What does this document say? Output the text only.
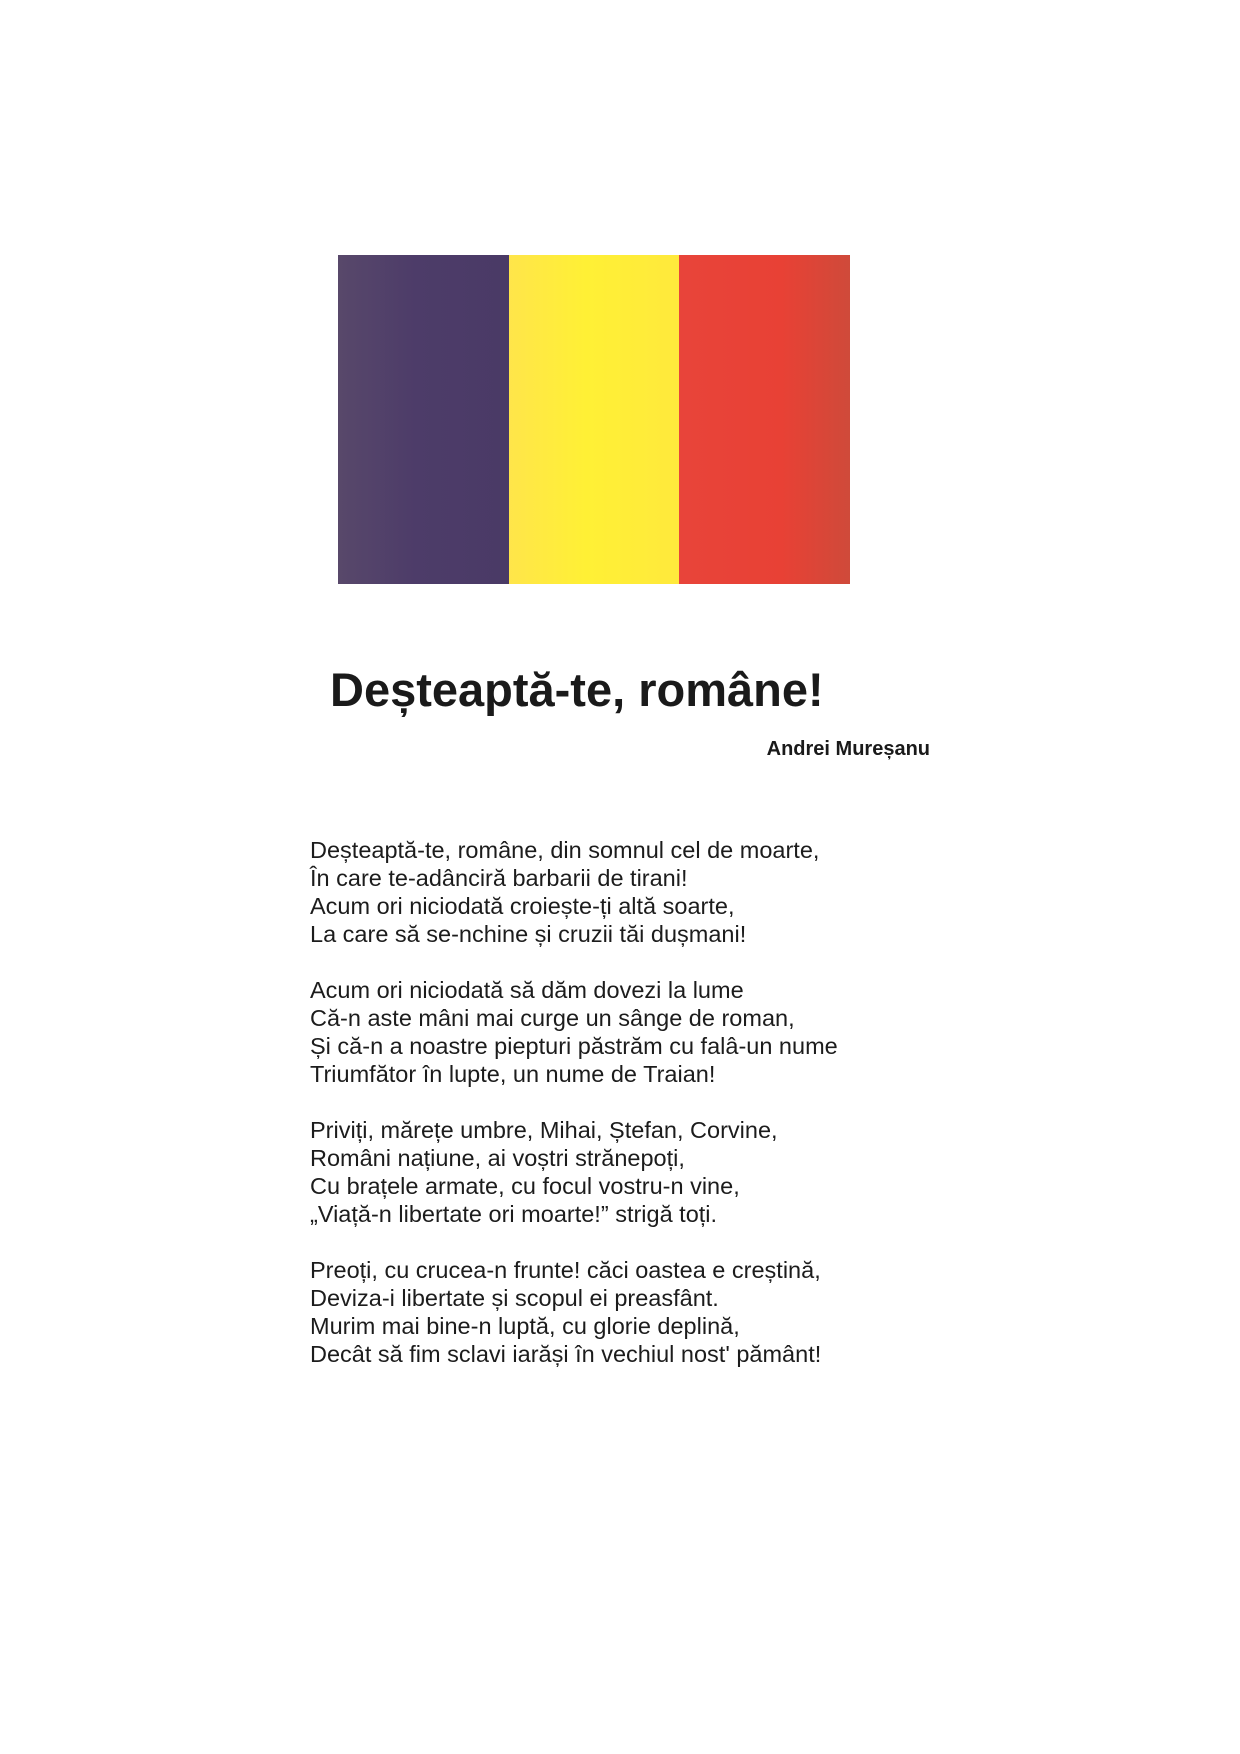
Deșteaptă-te, române!
Andrei Mureșanu
Deșteaptă-te, române, din somnul cel de moarte,
În care te-adânciră barbarii de tirani!
Acum ori niciodată croiește-ți altă soarte,
La care să se-nchine și cruzii tăi dușmani!
Acum ori niciodată să dăm dovezi la lume
Că-n aste mâni mai curge un sânge de roman,
Și că-n a noastre piepturi păstrăm cu falâ-un nume
Triumfător în lupte, un nume de Traian!
Priviți, mărețe umbre, Mihai, Ștefan, Corvine,
Români națiune, ai voștri strănepoți,
Cu brațele armate, cu focul vostru-n vine,
„Viață-n libertate ori moarte!” strigă toți.
Preoți, cu crucea-n frunte! căci oastea e creștină,
Deviza-i libertate și scopul ei preasfânt.
Murim mai bine-n luptă, cu glorie deplină,
Decât să fim sclavi iarăși în vechiul nost' pământ!
